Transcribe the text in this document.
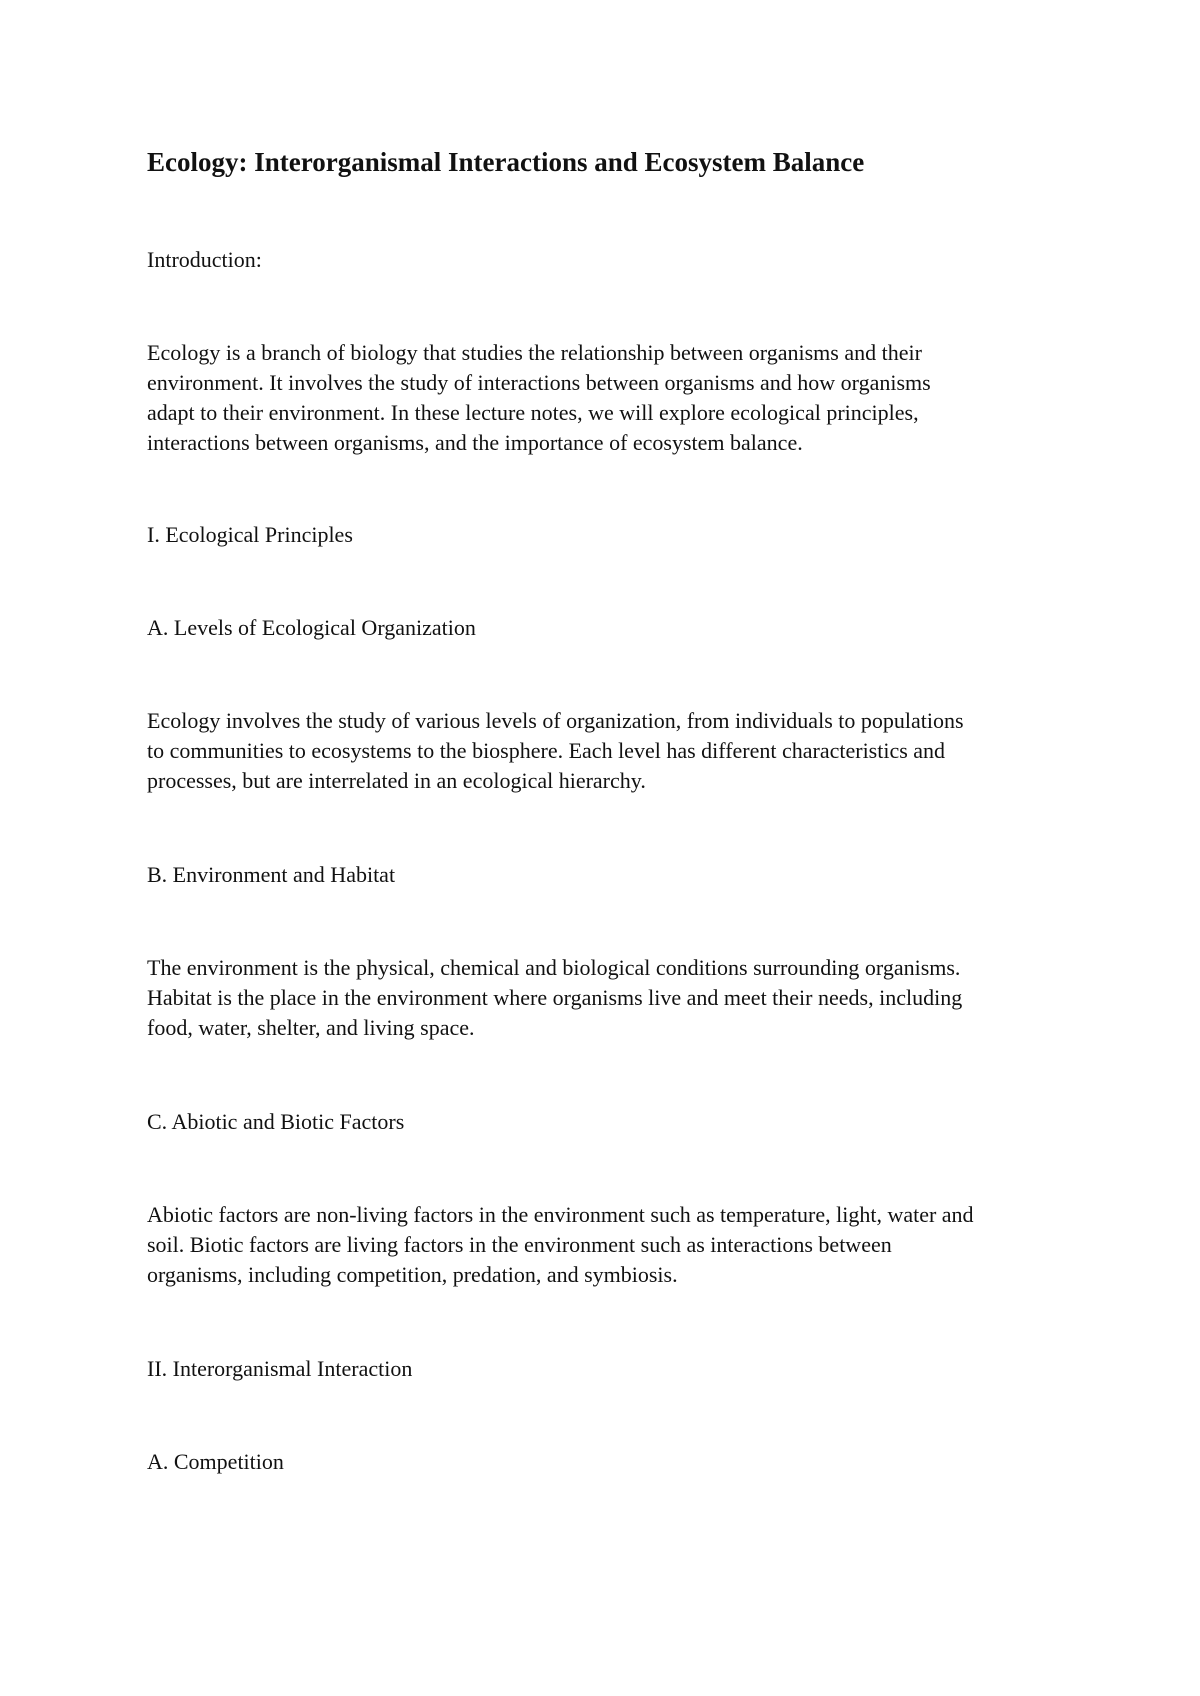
Ecology: Interorganismal Interactions and Ecosystem Balance

Introduction:

Ecology is a branch of biology that studies the relationship between organisms and their
environment. It involves the study of interactions between organisms and how organisms
adapt to their environment. In these lecture notes, we will explore ecological principles,
interactions between organisms, and the importance of ecosystem balance.

I. Ecological Principles

A. Levels of Ecological Organization

Ecology involves the study of various levels of organization, from individuals to populations
to communities to ecosystems to the biosphere. Each level has different characteristics and
processes, but are interrelated in an ecological hierarchy.

B. Environment and Habitat

The environment is the physical, chemical and biological conditions surrounding organisms.
Habitat is the place in the environment where organisms live and meet their needs, including
food, water, shelter, and living space.

C. Abiotic and Biotic Factors

Abiotic factors are non-living factors in the environment such as temperature, light, water and
soil. Biotic factors are living factors in the environment such as interactions between
organisms, including competition, predation, and symbiosis.

II. Interorganismal Interaction

A. Competition
